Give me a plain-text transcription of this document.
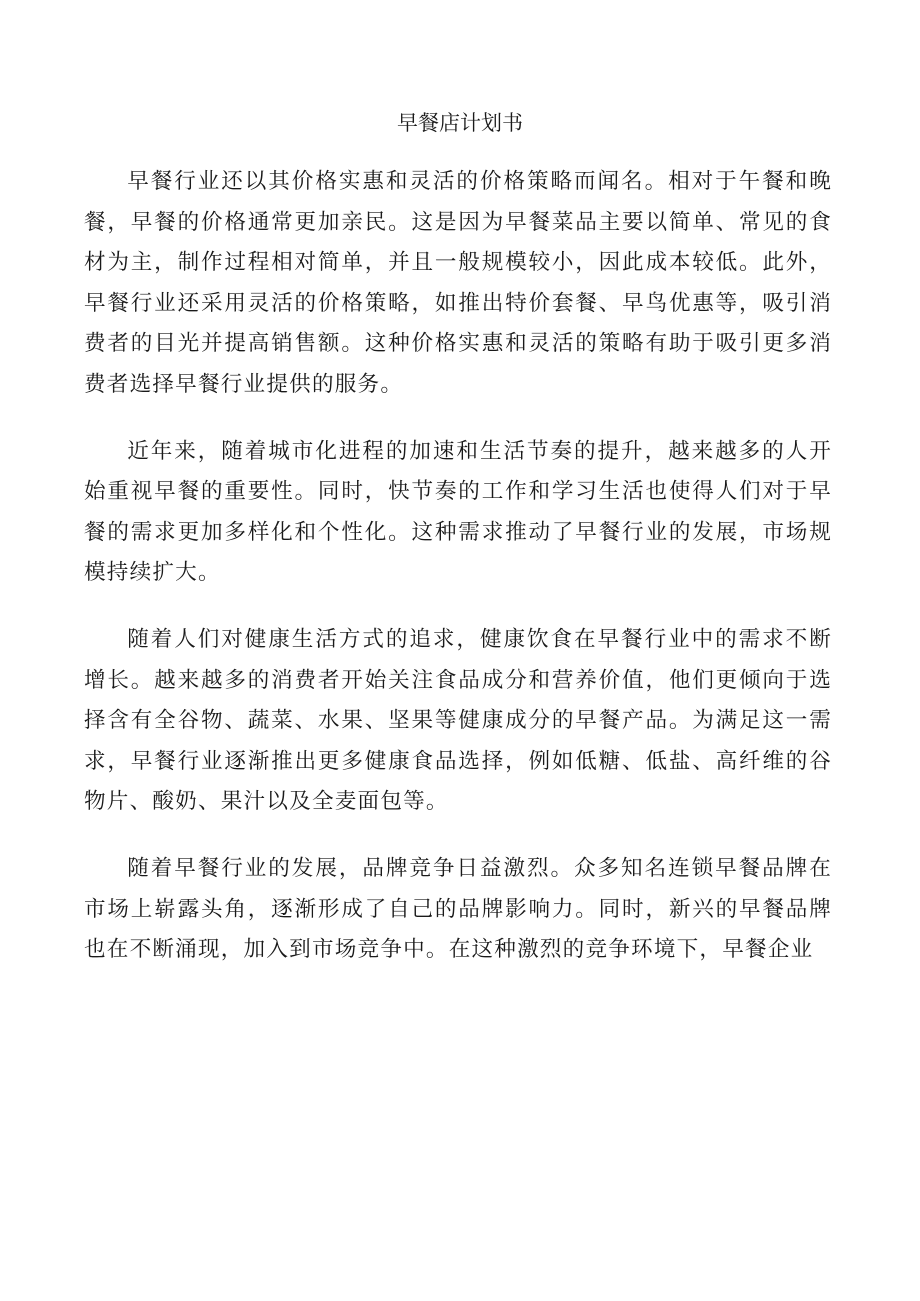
早餐店计划书

早餐行业还以其价格实惠和灵活的价格策略而闻名。相对于午餐和晚餐，早餐的价格通常更加亲民。这是因为早餐菜品主要以简单、常见的食材为主，制作过程相对简单，并且一般规模较小，因此成本较低。此外，早餐行业还采用灵活的价格策略，如推出特价套餐、早鸟优惠等，吸引消费者的目光并提高销售额。这种价格实惠和灵活的策略有助于吸引更多消费者选择早餐行业提供的服务。

近年来，随着城市化进程的加速和生活节奏的提升，越来越多的人开始重视早餐的重要性。同时，快节奏的工作和学习生活也使得人们对于早餐的需求更加多样化和个性化。这种需求推动了早餐行业的发展，市场规模持续扩大。

随着人们对健康生活方式的追求，健康饮食在早餐行业中的需求不断增长。越来越多的消费者开始关注食品成分和营养价值，他们更倾向于选择含有全谷物、蔬菜、水果、坚果等健康成分的早餐产品。为满足这一需求，早餐行业逐渐推出更多健康食品选择，例如低糖、低盐、高纤维的谷物片、酸奶、果汁以及全麦面包等。

随着早餐行业的发展，品牌竞争日益激烈。众多知名连锁早餐品牌在市场上崭露头角，逐渐形成了自己的品牌影响力。同时，新兴的早餐品牌也在不断涌现，加入到市场竞争中。在这种激烈的竞争环境下，早餐企业
